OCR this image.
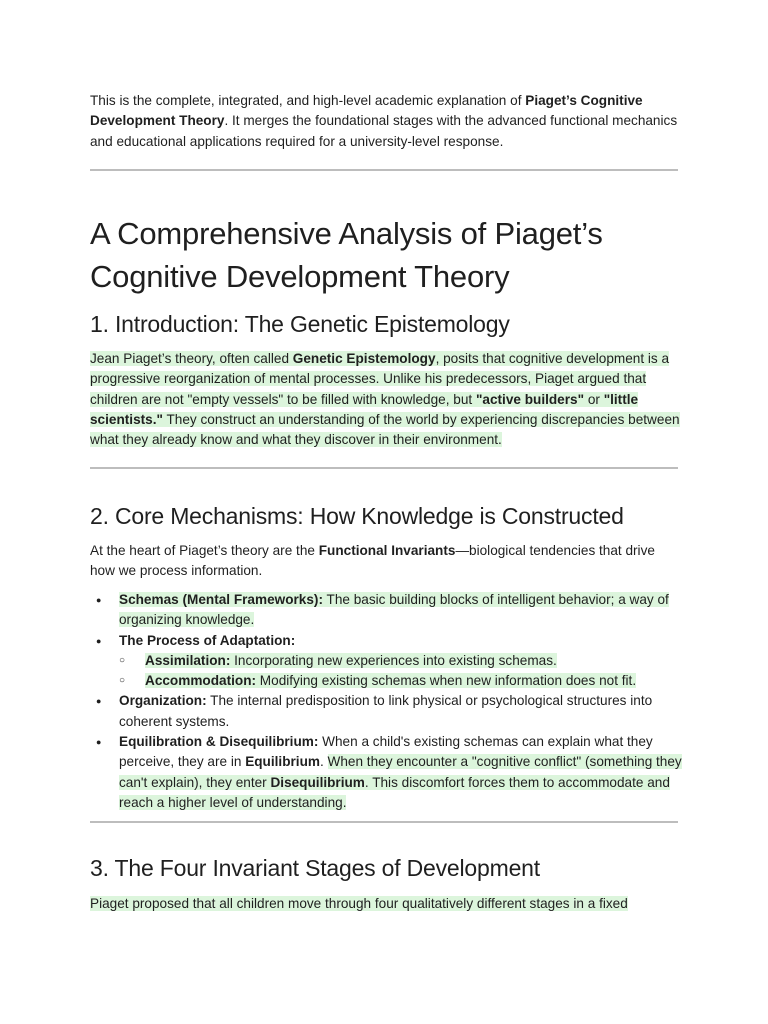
This is the complete, integrated, and high-level academic explanation of Piaget’s Cognitive Development Theory. It merges the foundational stages with the advanced functional mechanics and educational applications required for a university-level response.

A Comprehensive Analysis of Piaget’s Cognitive Development Theory
1. Introduction: The Genetic Epistemology

Jean Piaget’s theory, often called Genetic Epistemology, posits that cognitive development is a progressive reorganization of mental processes. Unlike his predecessors, Piaget argued that children are not "empty vessels" to be filled with knowledge, but "active builders" or "little scientists." They construct an understanding of the world by experiencing discrepancies between what they already know and what they discover in their environment.

2. Core Mechanisms: How Knowledge is Constructed

At the heart of Piaget’s theory are the Functional Invariants—biological tendencies that drive how we process information.

● Schemas (Mental Frameworks): The basic building blocks of intelligent behavior; a way of organizing knowledge.
● The Process of Adaptation:
○ Assimilation: Incorporating new experiences into existing schemas.
○ Accommodation: Modifying existing schemas when new information does not fit.
● Organization: The internal predisposition to link physical or psychological structures into coherent systems.
● Equilibration & Disequilibrium: When a child's existing schemas can explain what they perceive, they are in Equilibrium. When they encounter a "cognitive conflict" (something they can't explain), they enter Disequilibrium. This discomfort forces them to accommodate and reach a higher level of understanding.
3. The Four Invariant Stages of Development

Piaget proposed that all children move through four qualitatively different stages in a fixed
